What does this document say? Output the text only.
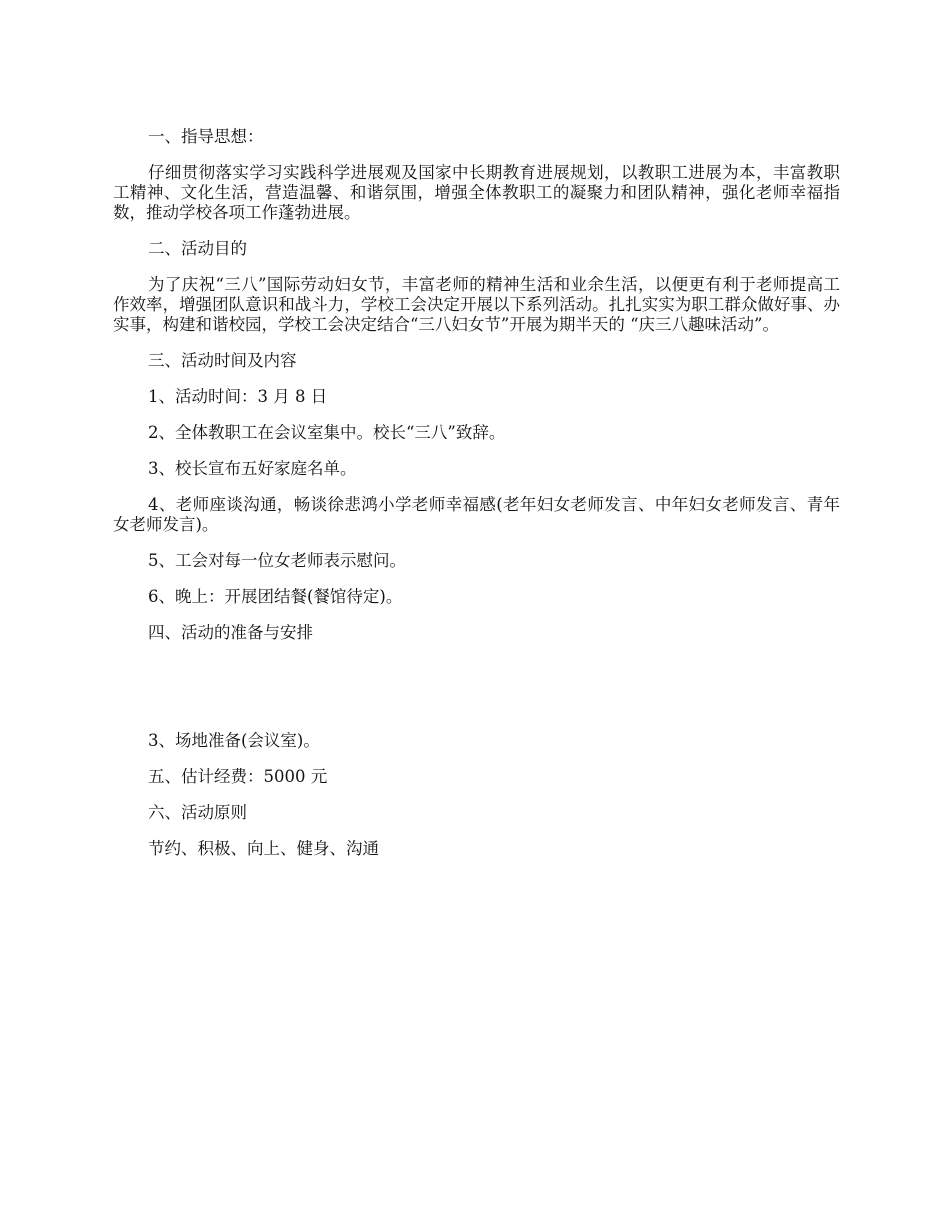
一、指导思想：

仔细贯彻落实学习实践科学进展观及国家中长期教育进展规划，以教职工进展为本，丰富教职工精神、文化生活，营造温馨、和谐氛围，增强全体教职工的凝聚力和团队精神，强化老师幸福指数，推动学校各项工作蓬勃进展。

二、活动目的

为了庆祝“三八”国际劳动妇女节，丰富老师的精神生活和业余生活，以便更有利于老师提高工作效率，增强团队意识和战斗力，学校工会决定开展以下系列活动。扎扎实实为职工群众做好事、办实事，构建和谐校园，学校工会决定结合“三八妇女节”开展为期半天的 “庆三八趣味活动”。

三、活动时间及内容

1、活动时间：3 月 8 日

2、全体教职工在会议室集中。校长“三八”致辞。

3、校长宣布五好家庭名单。

4、老师座谈沟通，畅谈徐悲鸿小学老师幸福感(老年妇女老师发言、中年妇女老师发言、青年女老师发言)。

5、工会对每一位女老师表示慰问。

6、晚上：开展团结餐(餐馆待定)。

四、活动的准备与安排

3、场地准备(会议室)。

五、估计经费：5000 元

六、活动原则

节约、积极、向上、健身、沟通
